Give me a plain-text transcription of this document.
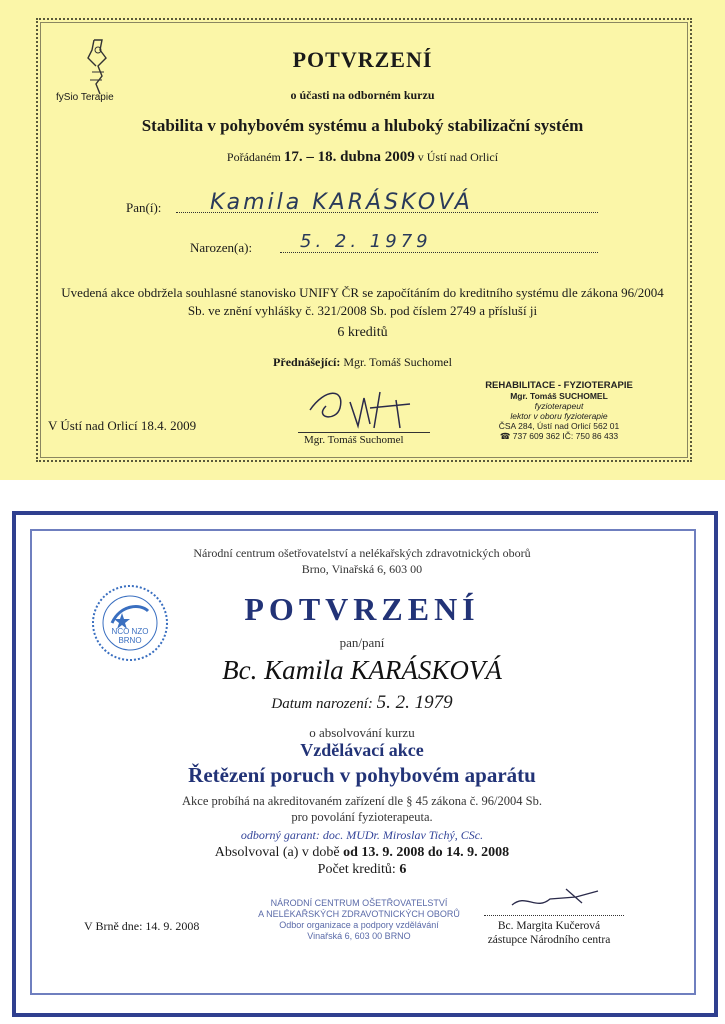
fySio Terapie
POTVRZENÍ
o účasti na odborném kurzu
Stabilita v pohybovém systému a hluboký stabilizační systém
Pořádaném 17. – 18. dubna 2009 v Ústí nad Orlicí
Pan(í): Kamila KARÁSKOVÁ
Narozen(a):	5. 2. 1979
Uvedená akce obdržela souhlasné stanovisko UNIFY ČR se započítáním do kreditního systému dle zákona 96/2004 Sb. ve znění vyhlášky č. 321/2008 Sb. pod číslem 2749 a přísluší ji
6 kreditů
Přednášející: Mgr. Tomáš Suchomel
V Ústí nad Orlicí 18.4. 2009
Mgr. Tomáš Suchomel
REHABILITACE - FYZIOTERAPIE
Mgr. Tomáš SUCHOMEL
fyzioterapeut
lektor v oboru fyzioterapie
ČSA 284, Ústí nad Orlicí 562 01
☎ 737 609 362 IČ: 750 86 433
Národní centrum ošetřovatelství a nelékařských zdravotnických oborů
Brno, Vinařská 6, 603 00
NCO NZO BRNO
POTVRZENÍ
pan/paní
Bc. Kamila KARÁSKOVÁ
Datum narození: 5. 2. 1979
o absolvování kurzu
Vzdělávací akce
Řetězení poruch v pohybovém aparátu
Akce probíhá na akreditovaném zařízení dle § 45 zákona č. 96/2004 Sb.
pro povolání fyzioterapeuta.
odborný garant: doc. MUDr. Miroslav Tichý, CSc.
Absolvoval (a) v době od 13. 9. 2008 do 14. 9. 2008
Počet kreditů: 6
V Brně dne: 14. 9. 2008
NÁRODNÍ CENTRUM OŠETŘOVATELSTVÍ
A NELÉKAŘSKÝCH ZDRAVOTNICKÝCH OBORŮ
Odbor organizace a podpory vzdělávání
Vinařská 6, 603 00 BRNO
Bc. Margita Kučerová
zástupce Národního centra
